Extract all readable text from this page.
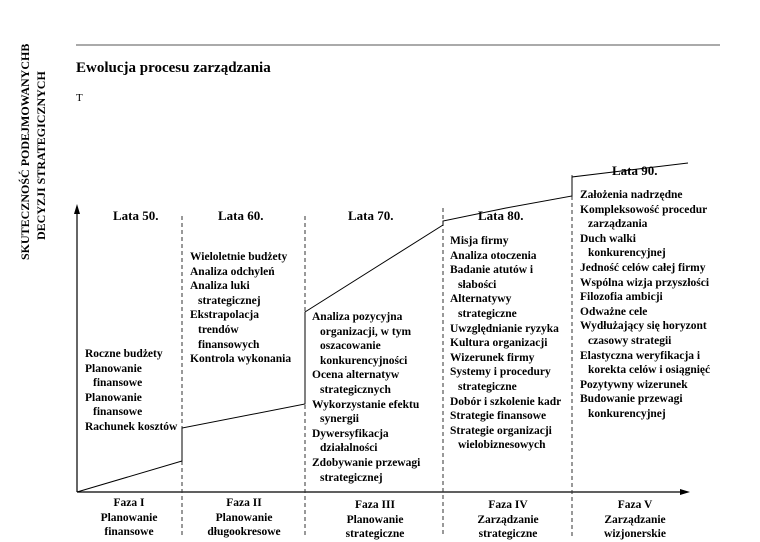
SKUTECZNOŚĆ PODEJMOWANYCHB DECYZJI STRATEGICZNYCH
Ewolucja procesu zarządzania
T
Lata 50.	Lata 60.	Lata 70.	Lata 80.
Lata 90.
Roczne budżety
Planowanie finansowe
Planowanie finansowe
Rachunek kosztów
Wieloletnie budżety
Analiza odchyleń
Analiza luki strategicznej
Ekstrapolacja trendów finansowych
Kontrola wykonania
Analiza pozycyjna organizacji, w tym oszacowanie konkurencyjności
Ocena alternatyw strategicznych
Wykorzystanie efektu synergii
Dywersyfikacja działalności
Zdobywanie przewagi strategicznej
Misja firmy
Analiza otoczenia
Badanie atutów i słabości
Alternatywy strategiczne
Uwzględnianie ryzyka
Kultura organizacji
Wizerunek firmy
Systemy i procedury strategiczne
Dobór i szkolenie kadr
Strategie finansowe
Strategie organizacji wielobiznesowych
Założenia nadrzędne
Kompleksowość procedur zarządzania
Duch walki konkurencyjnej
Jedność celów całej firmy
Wspólna wizja przyszłości
Filozofia ambicji
Odważne cele
Wydłużający się horyzont czasowy strategii
Elastyczna weryfikacja i korekta celów i osiągnięć
Pozytywny wizerunek
Budowanie przewagi konkurencyjnej
Faza I
Planowanie
finansowe
Faza II
Planowanie
długookresowe
Faza III
Planowanie
strategiczne
Faza IV
Zarządzanie
strategiczne
Faza V
Zarządzanie
wizjonerskie
